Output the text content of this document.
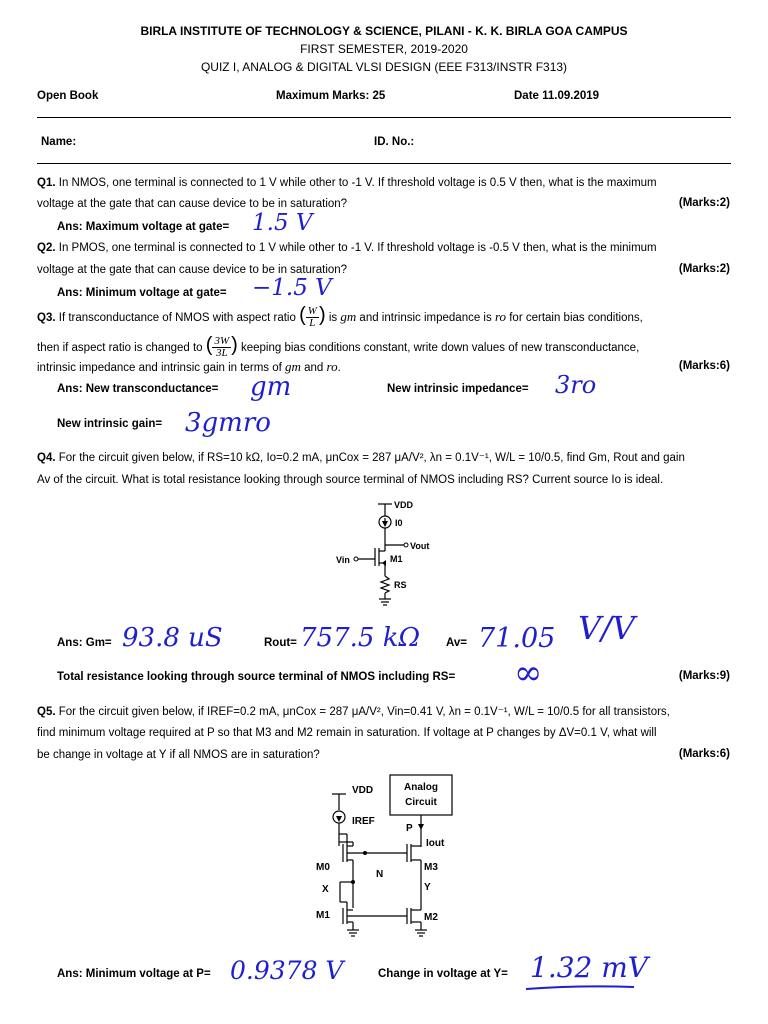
BIRLA INSTITUTE OF TECHNOLOGY & SCIENCE, PILANI - K. K. BIRLA GOA CAMPUS
FIRST SEMESTER, 2019-2020
QUIZ I, ANALOG & DIGITAL VLSI DESIGN (EEE F313/INSTR F313)
Open Book	Maximum Marks: 25	Date 11.09.2019
Name:	ID. No.:
Q1. In NMOS, one terminal is connected to 1 V while other to -1 V. If threshold voltage is 0.5 V then, what is the maximum
voltage at the gate that can cause device to be in saturation?	(Marks:2)
Ans: Maximum voltage at gate= 1.5 V
Q2. In PMOS, one terminal is connected to 1 V while other to -1 V. If threshold voltage is -0.5 V then, what is the minimum
voltage at the gate that can cause device to be in saturation?	(Marks:2)
Ans: Minimum voltage at gate= −1.5 V
Q3. If transconductance of NMOS with aspect ratio ( $\frac{W}{L}$ ) is gm and intrinsic impedance is ro for certain bias conditions,
then if aspect ratio is changed to ( $\frac{3W}{3L}$ ) keeping bias conditions constant, write down values of new transconductance,
intrinsic impedance and intrinsic gain in terms of gm and ro.	(Marks:6)
Ans: New transconductance= gm	New intrinsic impedance= 3ro
New intrinsic gain= 3gmro
Q4. For the circuit given below, if RS=10 kΩ, Io=0.2 mA, μnCox = 287 μA/V², λn = 0.1V⁻¹, W/L = 10/0.5, find Gm, Rout and gain
Av of the circuit. What is total resistance looking through source terminal of NMOS including RS? Current source Io is ideal.
VDD
I0
Vout
Vin	M1
RS
Ans: Gm= 93.8 uS	Rout= 757.5 kΩ Av= 71.05 V/V
Total resistance looking through source terminal of NMOS including RS= ∞	(Marks:9)
Q5. For the circuit given below, if IREF=0.2 mA, μnCox = 287 μA/V², Vin=0.41 V, λn = 0.1V⁻¹, W/L = 10/0.5 for all transistors,
find minimum voltage required at P so that M3 and M2 remain in saturation. If voltage at P changes by ΔV=0.1 V, what will
be change in voltage at Y if all NMOS are in saturation?	(Marks:6)
VDD	Analog
Circuit
IREF
P
Iout
M0	M3
N
X	Y
M1	M2
Ans: Minimum voltage at P= 0.9378 V	Change in voltage at Y= 1.32 mV
